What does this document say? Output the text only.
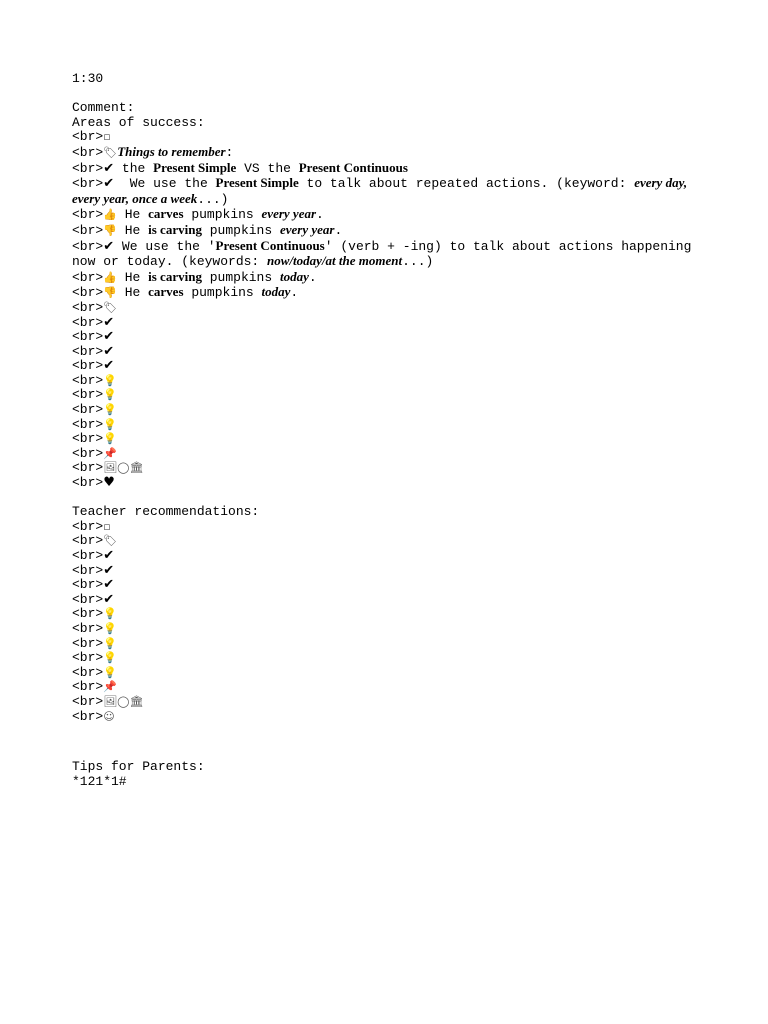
1:30
Comment:
Areas of success:
<br>▫
<br>🏷Things to remember:
<br>✔ the Present Simple VS the Present Continuous
<br>✔  We use the Present Simple to talk about repeated actions. (keyword: every day,
every year, once a week...)
<br>👍 He carves pumpkins every year.
<br>👎 He is carving pumpkins every year.
<br>✔ We use the 'Present Continuous' (verb + -ing) to talk about actions happening
now or today. (keywords: now/today/at the moment...)
<br>👍 He is carving pumpkins today.
<br>👎 He carves pumpkins today.
<br>🏷
<br>✔
<br>✔
<br>✔
<br>✔
<br>💡
<br>💡
<br>💡
<br>💡
<br>💡
<br>📌
<br>🖼◯🏛
<br>♥
Teacher recommendations:
<br>▫
<br>🏷
<br>✔
<br>✔
<br>✔
<br>✔
<br>💡
<br>💡
<br>💡
<br>💡
<br>💡
<br>📌
<br>🖼◯🏛
<br>☺
Tips for Parents:
*121*1#
